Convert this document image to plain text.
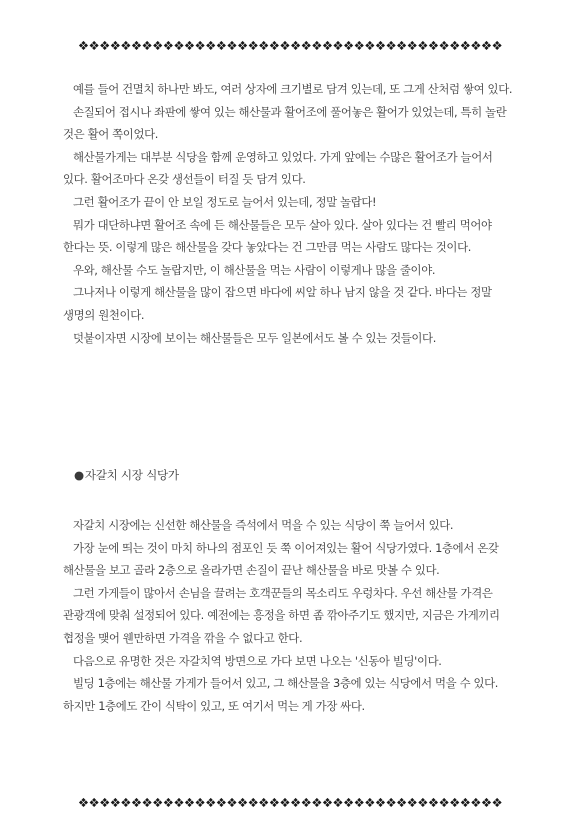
❖❖❖❖❖❖❖❖❖❖❖❖❖❖❖❖❖❖❖❖❖❖❖❖❖❖❖❖❖❖❖❖❖❖❖❖❖❖❖❖

예를 들어 건멸치 하나만 봐도, 여러 상자에 크기별로 담겨 있는데, 또 그게 산처럼 쌓여 있다.

손질되어 접시나 좌판에 쌓여 있는 해산물과 활어조에 풀어놓은 활어가 있었는데, 특히 놀란 것은 활어 쪽이었다.

해산물가게는 대부분 식당을 함께 운영하고 있었다. 가게 앞에는 수많은 활어조가 늘어서 있다. 활어조마다 온갖 생선들이 터질 듯 담겨 있다.

그런 활어조가 끝이 안 보일 정도로 늘어서 있는데, 정말 놀랍다!

뭐가 대단하냐면 활어조 속에 든 해산물들은 모두 살아 있다. 살아 있다는 건 빨리 먹어야 한다는 뜻. 이렇게 많은 해산물을 갖다 놓았다는 건 그만큼 먹는 사람도 많다는 것이다.

우와, 해산물 수도 놀랍지만, 이 해산물을 먹는 사람이 이렇게나 많을 줄이야.

그나저나 이렇게 해산물을 많이 잡으면 바다에 씨알 하나 남지 않을 것 같다. 바다는 정말 생명의 원천이다.

덧붙이자면 시장에 보이는 해산물들은 모두 일본에서도 볼 수 있는 것들이다.

●자갈치 시장 식당가

자갈치 시장에는 신선한 해산물을 즉석에서 먹을 수 있는 식당이 쭉 늘어서 있다.

가장 눈에 띄는 것이 마치 하나의 점포인 듯 쭉 이어져있는 활어 식당가였다. 1층에서 온갖 해산물을 보고 골라 2층으로 올라가면 손질이 끝난 해산물을 바로 맛볼 수 있다.

그런 가게들이 많아서 손님을 끌려는 호객꾼들의 목소리도 우렁차다. 우선 해산물 가격은 관광객에 맞춰 설정되어 있다. 예전에는 흥정을 하면 좀 깎아주기도 했지만, 지금은 가게끼리 협정을 맺어 웬만하면 가격을 깎을 수 없다고 한다.

다음으로 유명한 것은 자갈치역 방면으로 가다 보면 나오는 '신동아 빌딩'이다.

빌딩 1층에는 해산물 가게가 들어서 있고, 그 해산물을 3층에 있는 식당에서 먹을 수 있다. 하지만 1층에도 간이 식탁이 있고, 또 여기서 먹는 게 가장 싸다.

❖❖❖❖❖❖❖❖❖❖❖❖❖❖❖❖❖❖❖❖❖❖❖❖❖❖❖❖❖❖❖❖❖❖❖❖❖❖❖❖
